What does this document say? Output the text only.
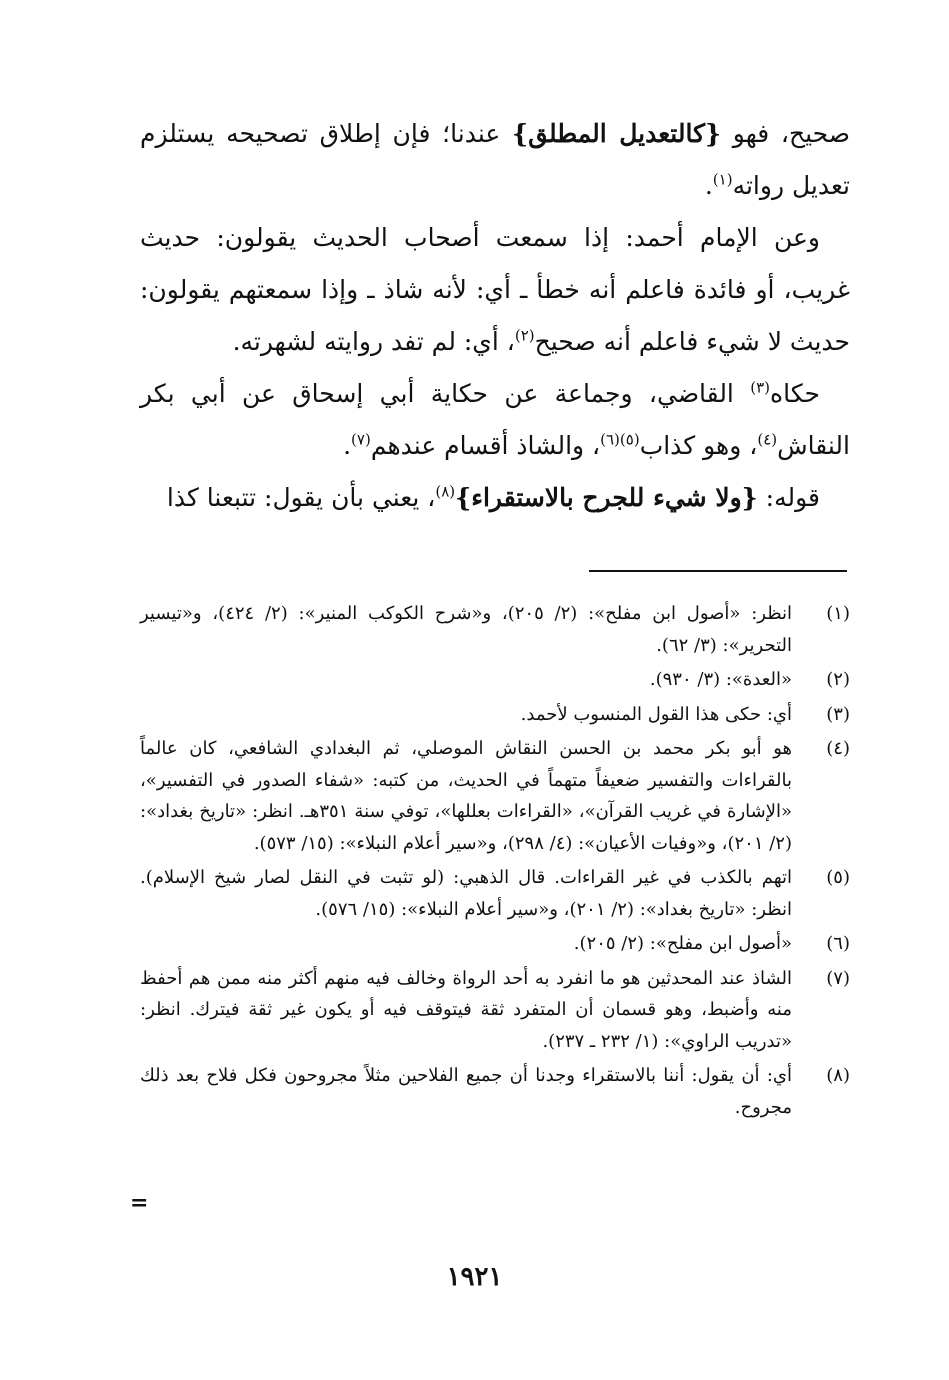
صحيح، فهو {كالتعديل المطلق} عندنا؛ فإن إطلاق تصحيحه يستلزم تعديل رواته$^{(١)}$.

وعن الإمام أحمد: إذا سمعت أصحاب الحديث يقولون: حديث غريب، أو فائدة فاعلم أنه خطأ ـ أي: لأنه شاذ ـ وإذا سمعتهم يقولون: حديث لا شيء فاعلم أنه صحيح$^{(٢)}$، أي: لم تفد روايته لشهرته.

حكاه$^{(٣)}$ القاضي، وجماعة عن حكاية أبي إسحاق عن أبي بكر النقاش$^{(٤)}$، وهو كذاب$^{(٥)(٦)}$، والشاذ أقسام عندهم$^{(٧)}$.

قوله: {ولا شيء للجرح بالاستقراء}$^{(٨)}$، يعني بأن يقول: تتبعنا كذا

(١)
انظر: «أصول ابن مفلح»: (٢/ ٢٠٥)، و«شرح الكوكب المنير»: (٢/ ٤٢٤)، و«تيسير التحرير»: (٣/ ٦٢).
(٢)
«العدة»: (٣/ ٩٣٠).
(٣)
أي: حكى هذا القول المنسوب لأحمد.
(٤)
هو أبو بكر محمد بن الحسن النقاش الموصلي، ثم البغدادي الشافعي، كان عالماً بالقراءات والتفسير ضعيفاً متهماً في الحديث، من كتبه: «شفاء الصدور في التفسير»، «الإشارة في غريب القرآن»، «القراءات بعللها»، توفي سنة ٣٥١هـ. انظر: «تاريخ بغداد»: (٢/ ٢٠١)، و«وفيات الأعيان»: (٤/ ٢٩٨)، و«سير أعلام النبلاء»: (١٥/ ٥٧٣).
(٥)
اتهم بالكذب في غير القراءات. قال الذهبي: (لو تثبت في النقل لصار شيخ الإسلام). انظر: «تاريخ بغداد»: (٢/ ٢٠١)، و«سير أعلام النبلاء»: (١٥/ ٥٧٦).
(٦)
«أصول ابن مفلح»: (٢/ ٢٠٥).
(٧)
الشاذ عند المحدثين هو ما انفرد به أحد الرواة وخالف فيه منهم أكثر منه ممن هم أحفظ منه وأضبط، وهو قسمان أن المتفرد ثقة فيتوقف فيه أو يكون غير ثقة فيترك. انظر: «تدريب الراوي»: (١/ ٢٣٢ ـ ٢٣٧).
(٨)
أي: أن يقول: أننا بالاستقراء وجدنا أن جميع الفلاحين مثلاً مجروحون فكل فلاح بعد ذلك مجروح.
=
١٩٢١
